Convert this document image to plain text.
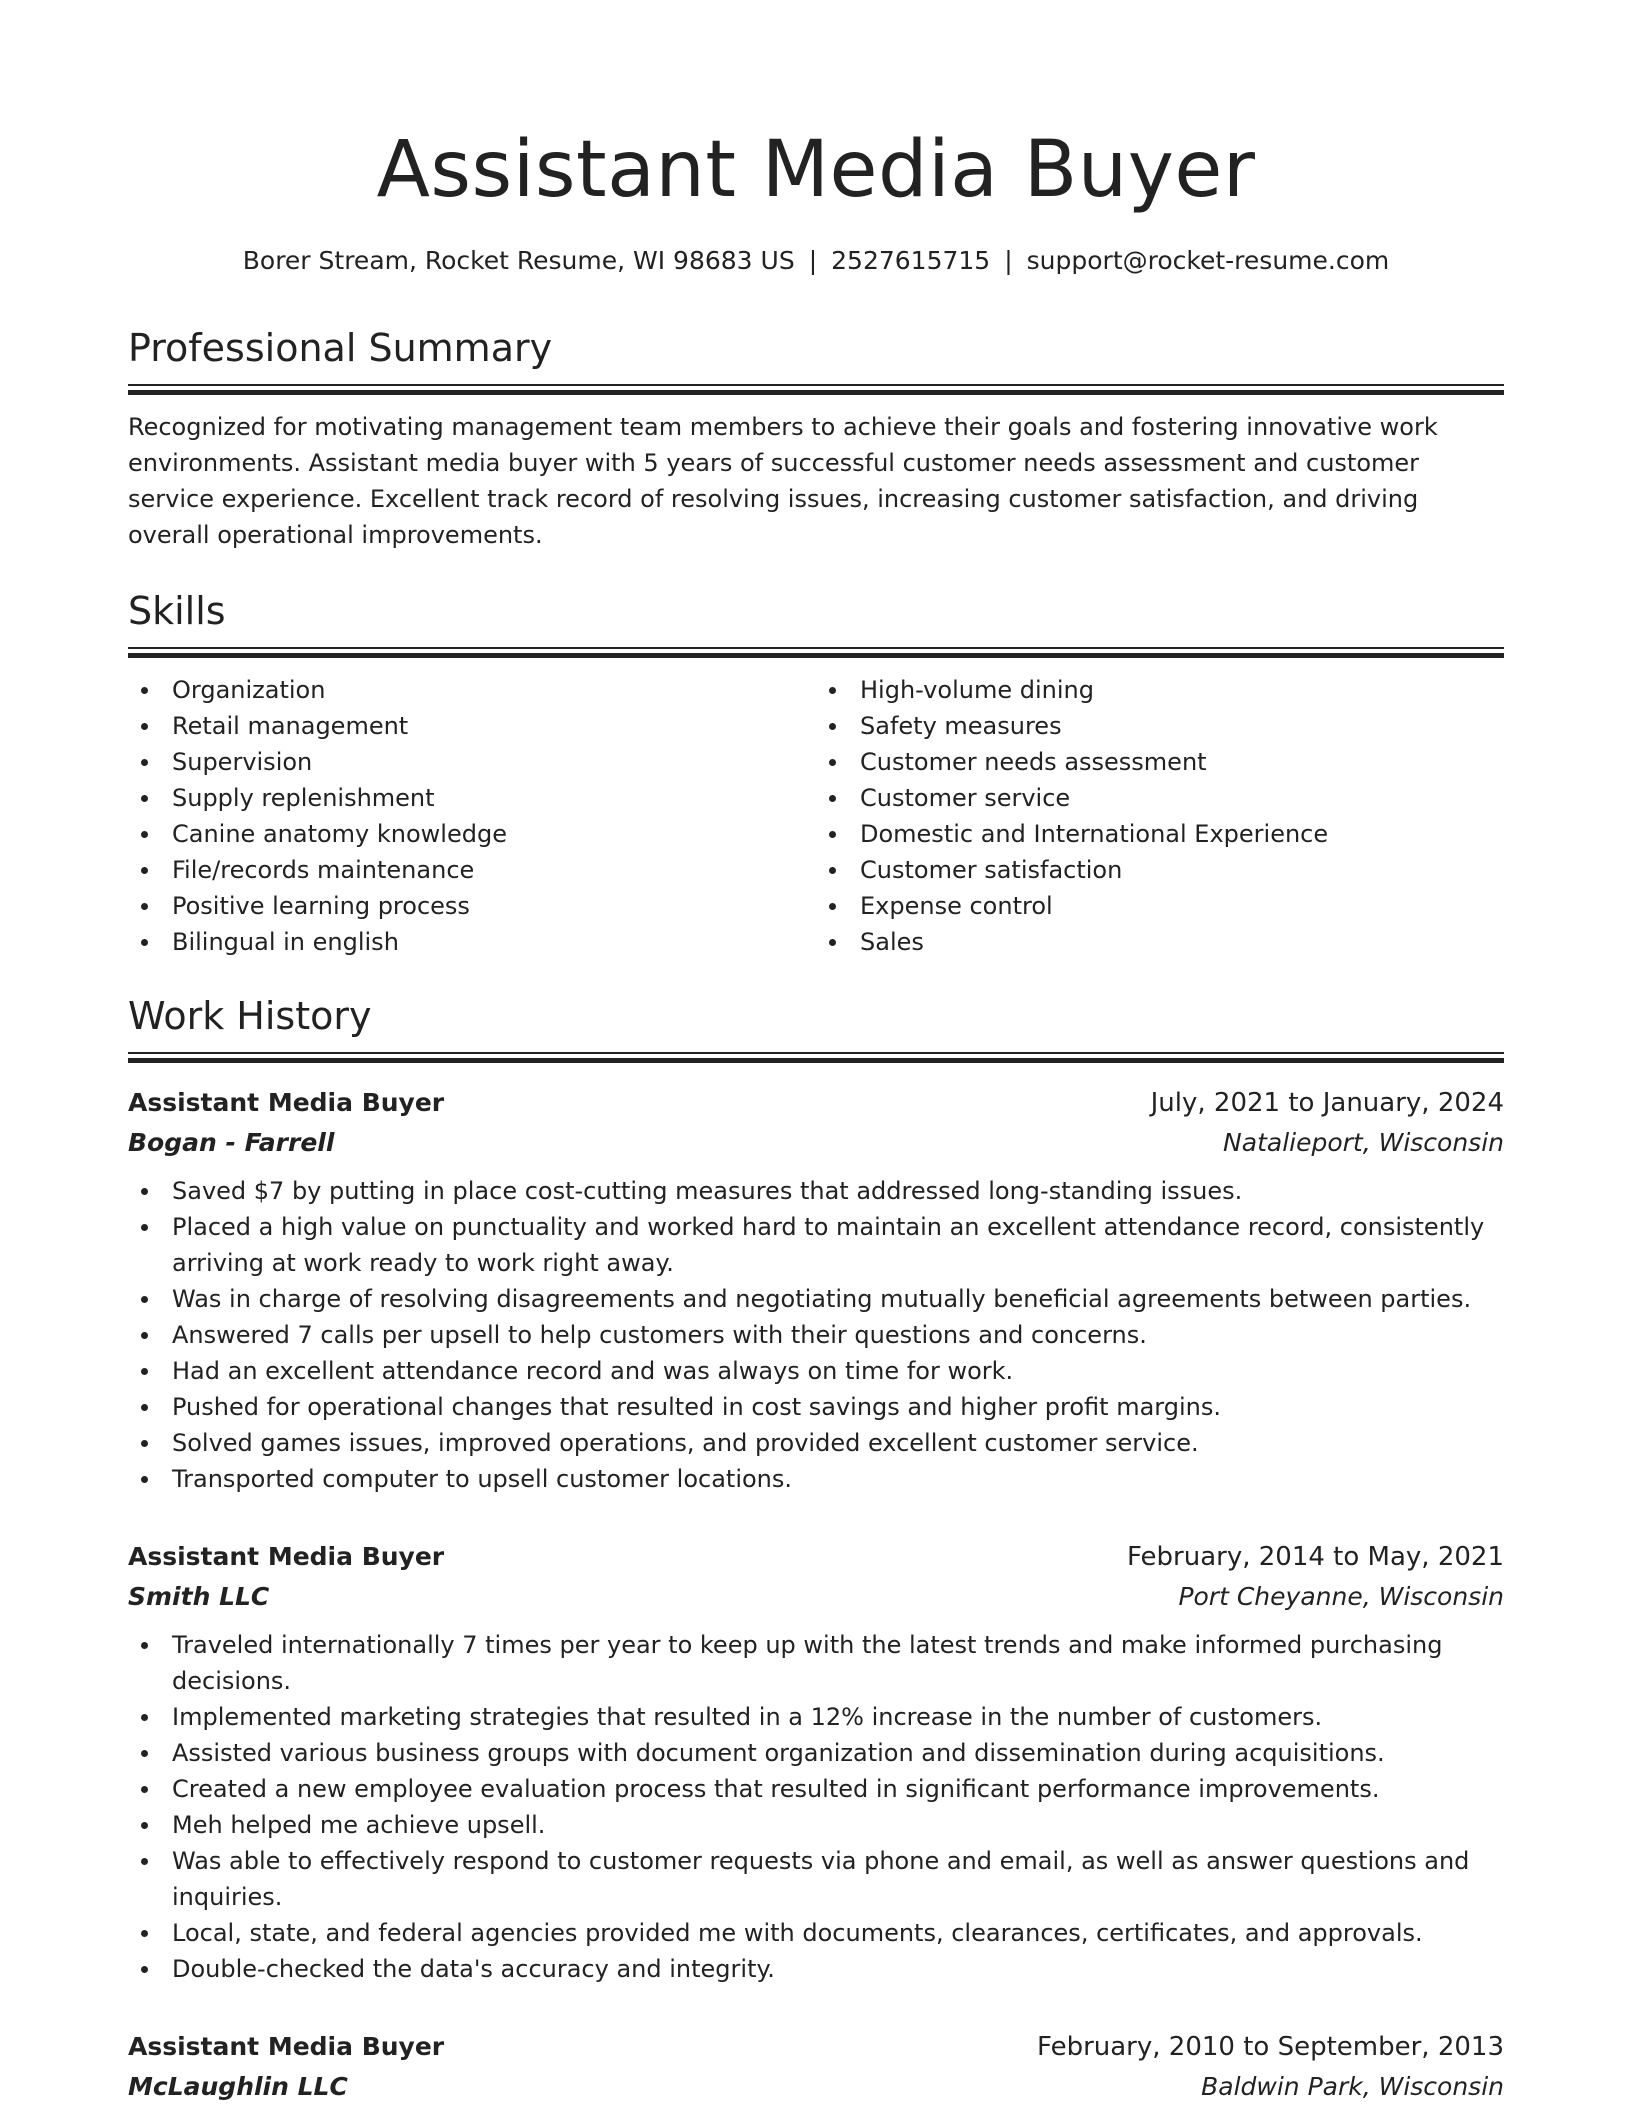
Assistant Media Buyer
Borer Stream, Rocket Resume, WI 98683 US | 2527615715 | support@rocket-resume.com
Professional Summary

Recognized for motivating management team members to achieve their goals and fostering innovative work environments. Assistant media buyer with 5 years of successful customer needs assessment and customer service experience. Excellent track record of resolving issues, increasing customer satisfaction, and driving overall operational improvements.

Skills
Organization
Retail management
Supervision
Supply replenishment
Canine anatomy knowledge
File/records maintenance
Positive learning process
Bilingual in english
High-volume dining
Safety measures
Customer needs assessment
Customer service
Domestic and International Experience
Customer satisfaction
Expense control
Sales
Work History
Assistant Media Buyer	July, 2021 to January, 2024
Bogan - Farrell	Natalieport, Wisconsin
Saved $7 by putting in place cost-cutting measures that addressed long-standing issues.
Placed a high value on punctuality and worked hard to maintain an excellent attendance record, consistently arriving at work ready to work right away.
Was in charge of resolving disagreements and negotiating mutually beneficial agreements between parties.
Answered 7 calls per upsell to help customers with their questions and concerns.
Had an excellent attendance record and was always on time for work.
Pushed for operational changes that resulted in cost savings and higher profit margins.
Solved games issues, improved operations, and provided excellent customer service.
Transported computer to upsell customer locations.
Assistant Media Buyer	February, 2014 to May, 2021
Smith LLC	Port Cheyanne, Wisconsin
Traveled internationally 7 times per year to keep up with the latest trends and make informed purchasing decisions.
Implemented marketing strategies that resulted in a 12% increase in the number of customers.
Assisted various business groups with document organization and dissemination during acquisitions.
Created a new employee evaluation process that resulted in significant performance improvements.
Meh helped me achieve upsell.
Was able to effectively respond to customer requests via phone and email, as well as answer questions and inquiries.
Local, state, and federal agencies provided me with documents, clearances, certificates, and approvals.
Double-checked the data's accuracy and integrity.
Assistant Media Buyer	February, 2010 to September, 2013
McLaughlin LLC	Baldwin Park, Wisconsin
